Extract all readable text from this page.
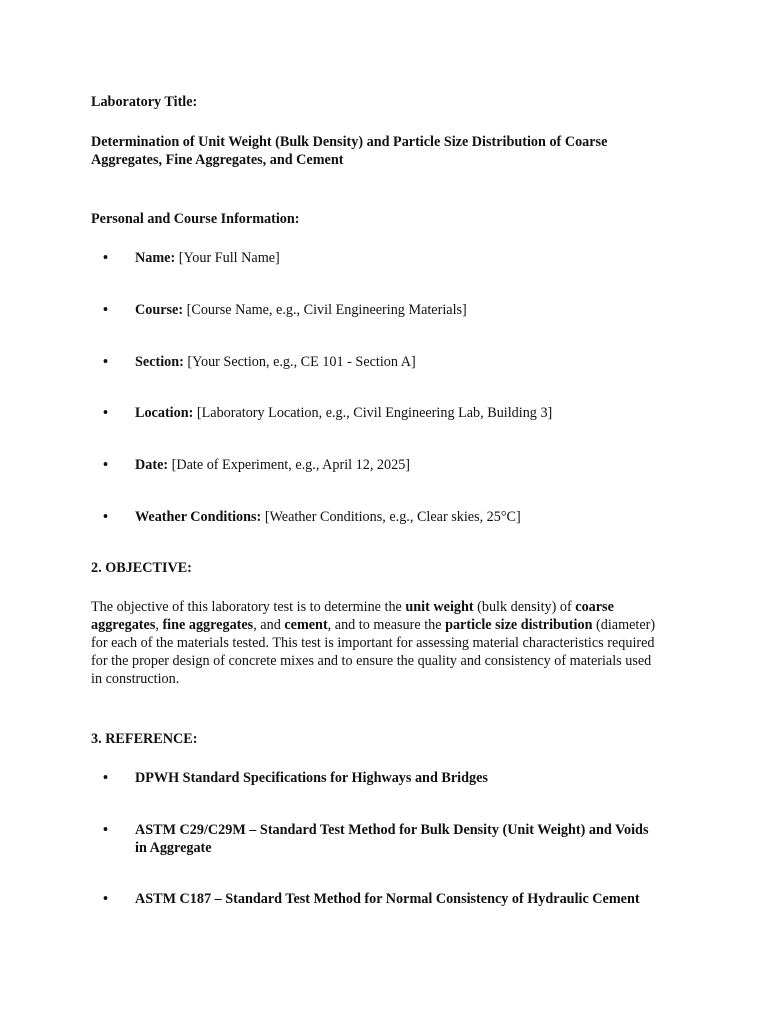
Laboratory Title:

Determination of Unit Weight (Bulk Density) and Particle Size Distribution of Coarse Aggregates, Fine Aggregates, and Cement

Personal and Course Information:

• Name: [Your Full Name]
• Course: [Course Name, e.g., Civil Engineering Materials]
• Section: [Your Section, e.g., CE 101 - Section A]
• Location: [Laboratory Location, e.g., Civil Engineering Lab, Building 3]
• Date: [Date of Experiment, e.g., April 12, 2025]
• Weather Conditions: [Weather Conditions, e.g., Clear skies, 25°C]

2. OBJECTIVE:

The objective of this laboratory test is to determine the unit weight (bulk density) of coarse aggregates, fine aggregates, and cement, and to measure the particle size distribution (diameter) for each of the materials tested. This test is important for assessing material characteristics required for the proper design of concrete mixes and to ensure the quality and consistency of materials used in construction.

3. REFERENCE:

• DPWH Standard Specifications for Highways and Bridges
• ASTM C29/C29M – Standard Test Method for Bulk Density (Unit Weight) and Voids in Aggregate
• ASTM C187 – Standard Test Method for Normal Consistency of Hydraulic Cement
